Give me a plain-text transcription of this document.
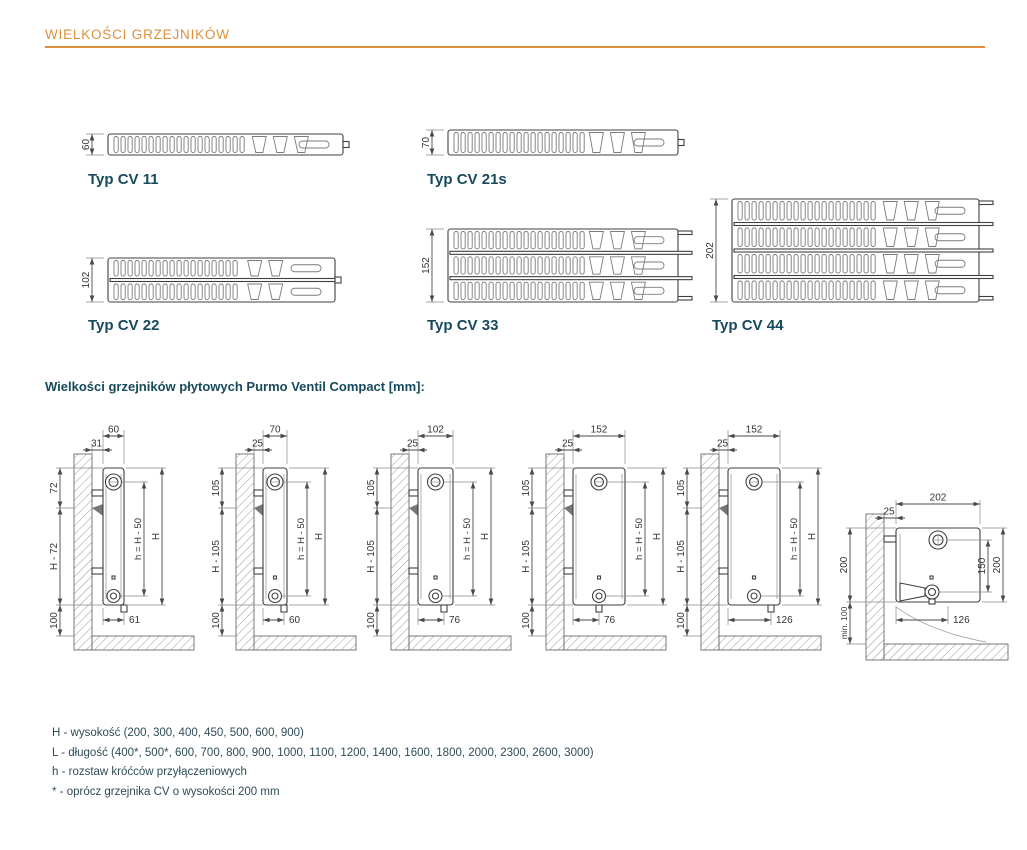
WIELKOŚCI GRZEJNIKÓW
60	70
102
152
202
Typ CV 11	Typ CV 21s
Typ CV 22	Typ CV 33	Typ CV 44
Wielkości grzejników płytowych Purmo Ventil Compact [mm]:
60
31
72
H - 72
100
h = H - 50 H
61
70
25
105
H - 105
100
h = H - 50 H
60
102
25
105
H - 105
100
h = H - 50 H
76
152
25
105
H - 105
100
h = H - 50 H
76
152
25
105
H - 105
100
h = H - 50 H
126
202
25
200
min. 100
150 200
126
H - wysokość (200, 300, 400, 450, 500, 600, 900)
L - długość (400*, 500*, 600, 700, 800, 900, 1000, 1100, 1200, 1400, 1600, 1800, 2000, 2300, 2600, 3000)
h - rozstaw króćców przyłączeniowych
* - oprócz grzejnika CV o wysokości 200 mm
